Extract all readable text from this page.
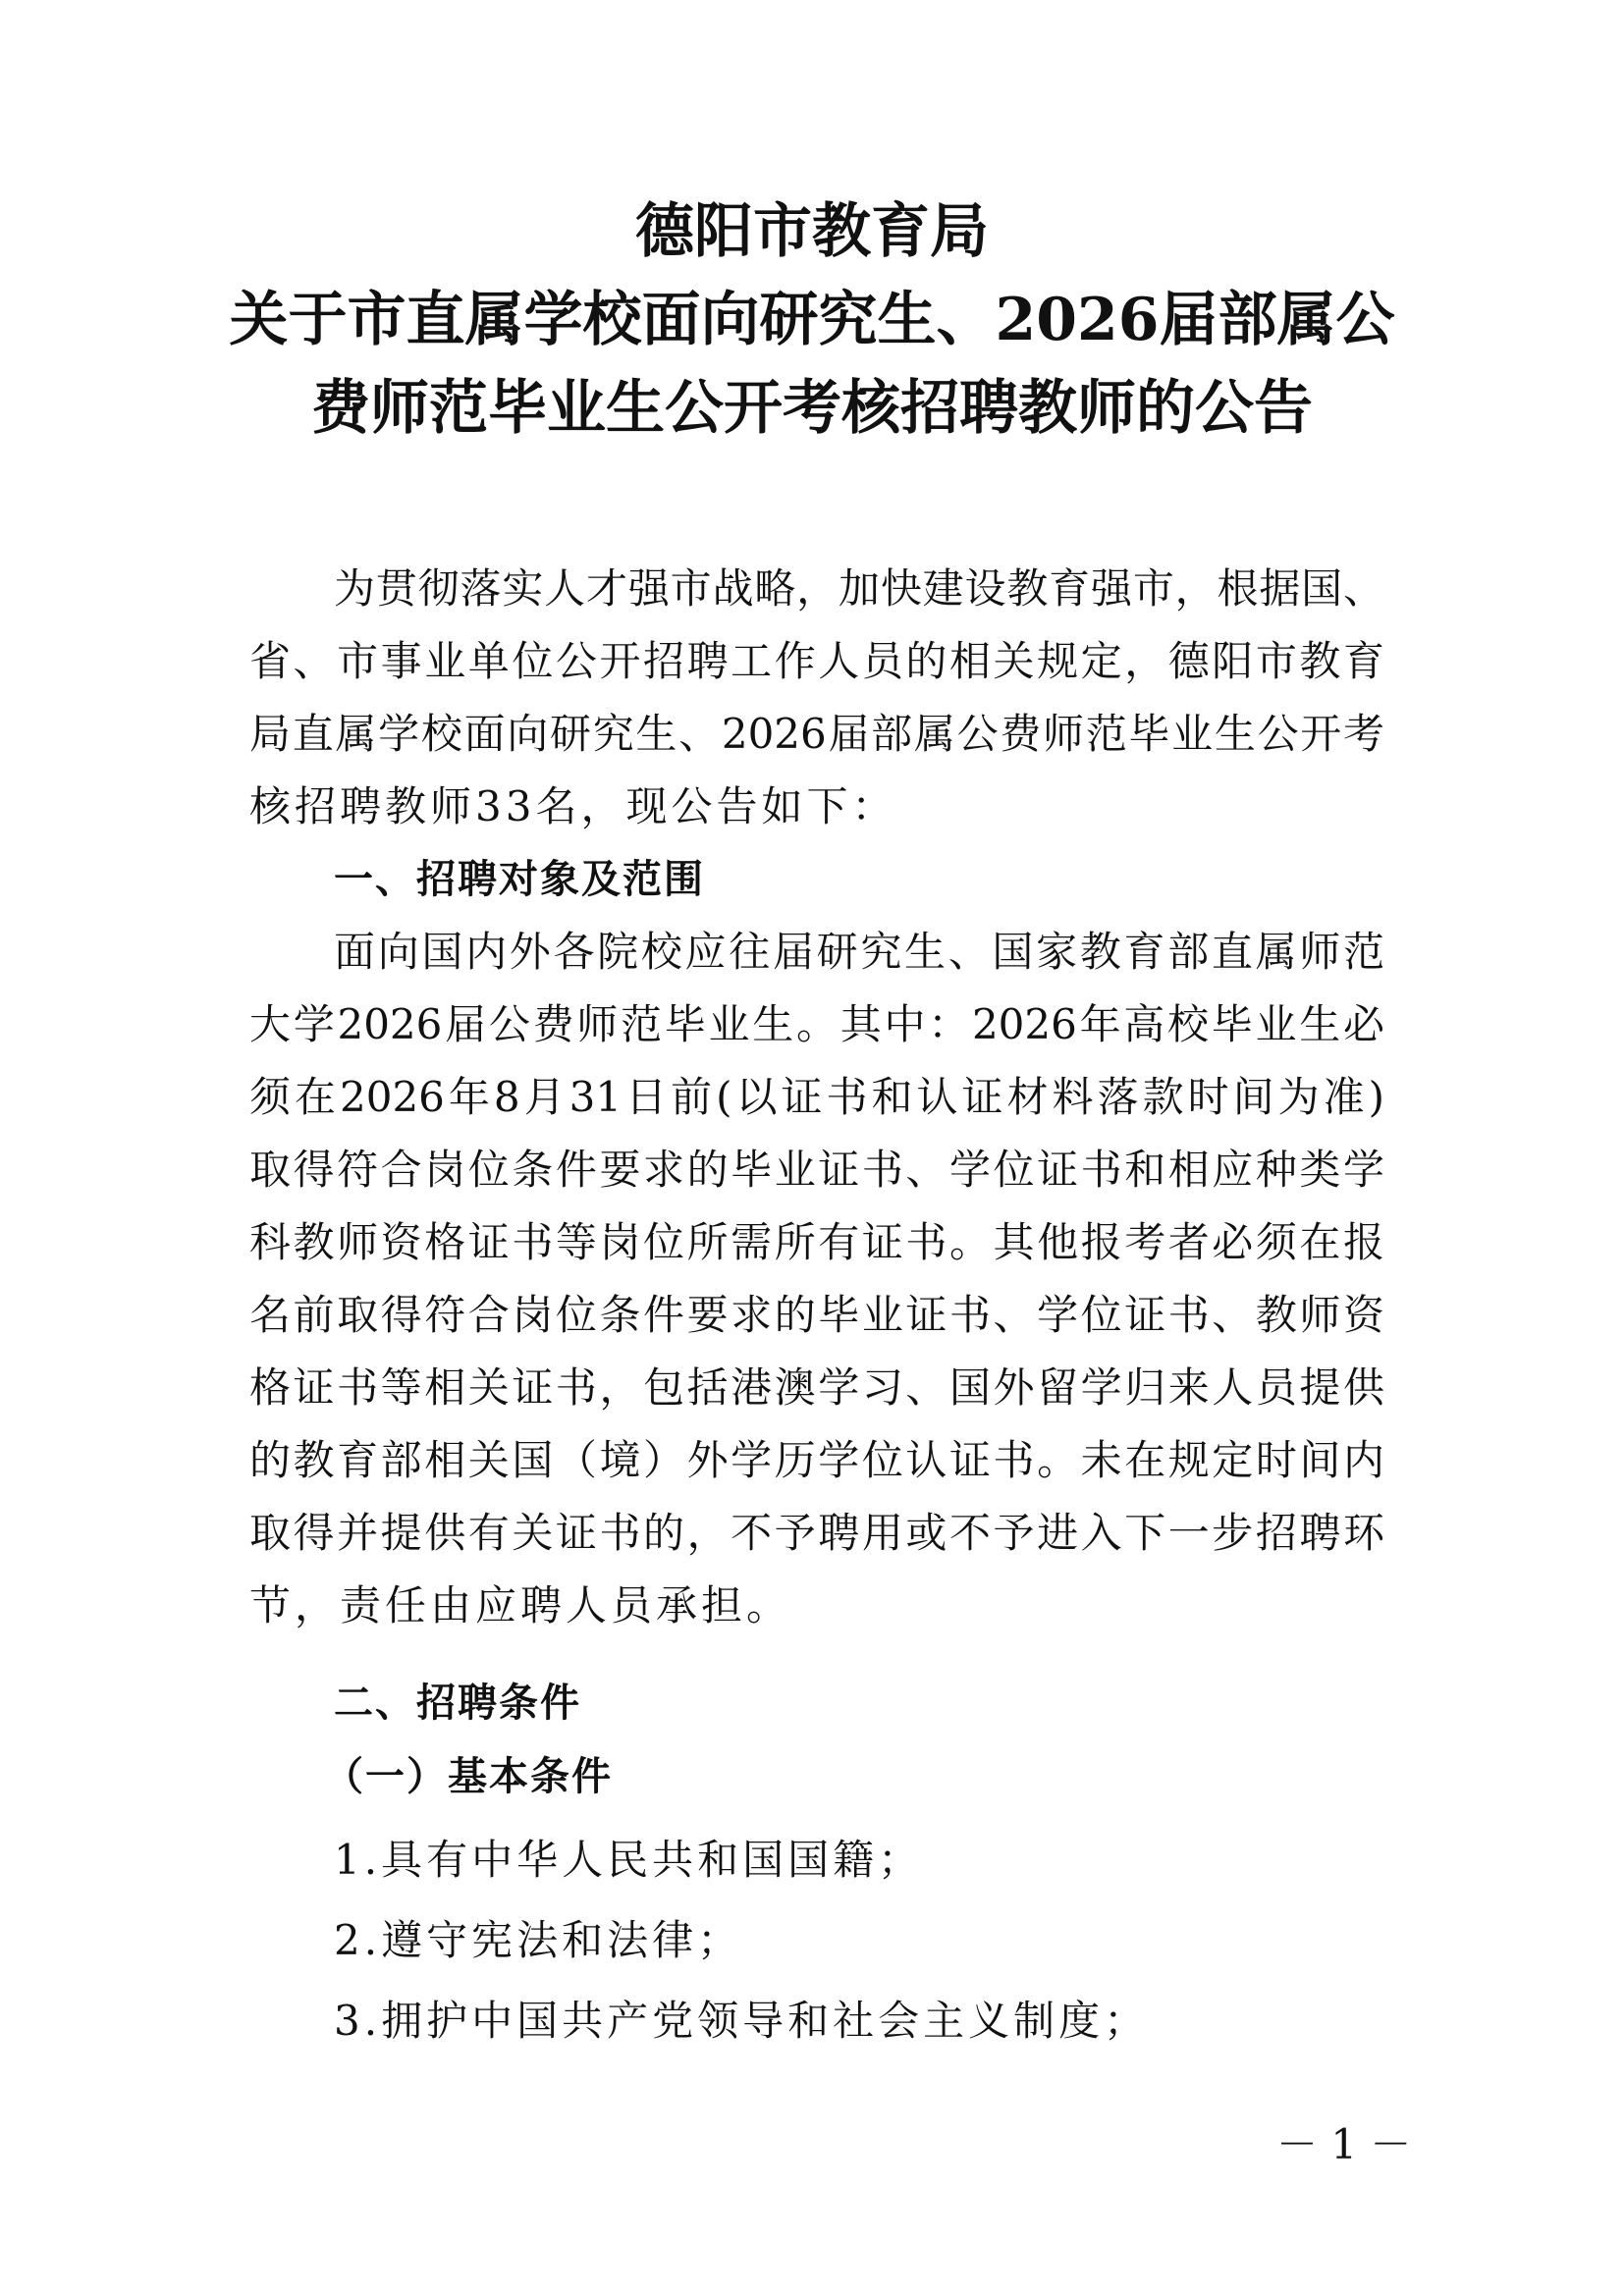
德阳市教育局
关于市直属学校面向研究生、2026届部属公
费师范毕业生公开考核招聘教师的公告
为贯彻落实人才强市战略，加快建设教育强市，根据国、
省、市事业单位公开招聘工作人员的相关规定，德阳市教育
局直属学校面向研究生、2026届部属公费师范毕业生公开考
核招聘教师33名，现公告如下：
一、招聘对象及范围
面向国内外各院校应往届研究生、国家教育部直属师范
大学2026届公费师范毕业生。其中：2026年高校毕业生必
须在2026年8月31日前(以证书和认证材料落款时间为准)
取得符合岗位条件要求的毕业证书、学位证书和相应种类学
科教师资格证书等岗位所需所有证书。其他报考者必须在报
名前取得符合岗位条件要求的毕业证书、学位证书、教师资
格证书等相关证书，包括港澳学习、国外留学归来人员提供
的教育部相关国（境）外学历学位认证书。未在规定时间内
取得并提供有关证书的，不予聘用或不予进入下一步招聘环
节，责任由应聘人员承担。
二、招聘条件
（一）基本条件
1.具有中华人民共和国国籍；
2.遵守宪法和法律；
3.拥护中国共产党领导和社会主义制度；
－ 1 －
